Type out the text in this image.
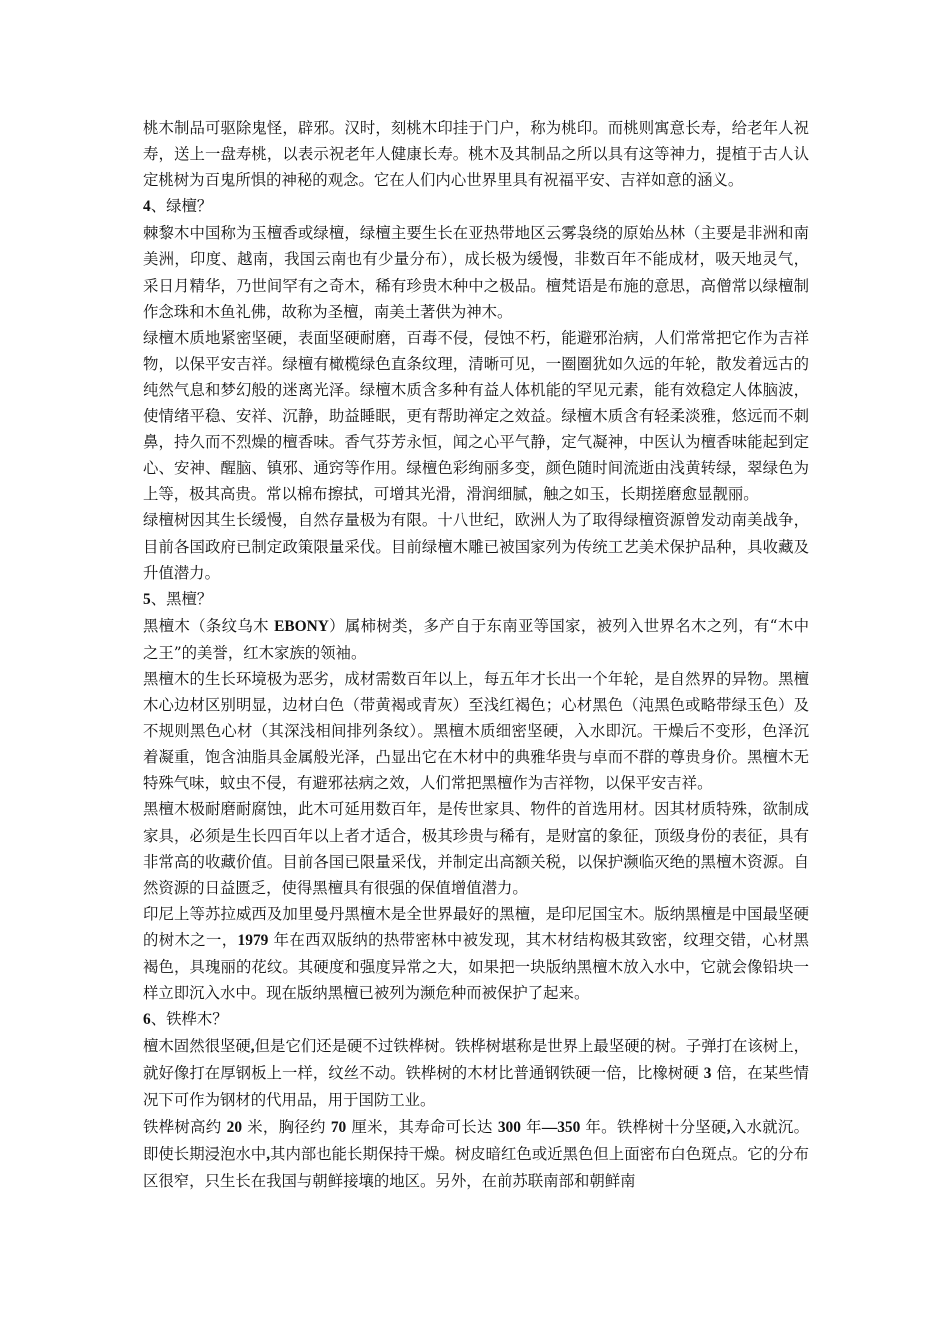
桃木制品可驱除鬼怪，辟邪。汉时，刻桃木印挂于门户，称为桃印。而桃则寓意长寿，给老年人祝寿，送上一盘寿桃，以表示祝老年人健康长寿。桃木及其制品之所以具有这等神力，提植于古人认定桃树为百鬼所惧的神秘的观念。它在人们内心世界里具有祝福平安、吉祥如意的涵义。

4、绿檀？

棘黎木中国称为玉檀香或绿檀，绿檀主要生长在亚热带地区云雾袅绕的原始丛林（主要是非洲和南美洲，印度、越南，我国云南也有少量分布），成长极为缓慢，非数百年不能成材，吸天地灵气，采日月精华，乃世间罕有之奇木，稀有珍贵木种中之极品。檀梵语是布施的意思，高僧常以绿檀制作念珠和木鱼礼佛，故称为圣檀，南美土著供为神木。

绿檀木质地紧密坚硬，表面坚硬耐磨，百毒不侵，侵蚀不朽，能避邪治病，人们常常把它作为吉祥物，以保平安吉祥。绿檀有橄榄绿色直条纹理，清晰可见，一圈圈犹如久远的年轮，散发着远古的纯然气息和梦幻般的迷离光泽。绿檀木质含多种有益人体机能的罕见元素，能有效稳定人体脑波，使情绪平稳、安祥、沉静，助益睡眠，更有帮助禅定之效益。绿檀木质含有轻柔淡雅，悠远而不刺鼻，持久而不烈燥的檀香味。香气芬芳永恒，闻之心平气静，定气凝神，中医认为檀香味能起到定心、安神、醒脑、镇邪、通窍等作用。绿檀色彩绚丽多变，颜色随时间流逝由浅黄转绿，翠绿色为上等，极其高贵。常以棉布擦拭，可增其光滑，滑润细腻，触之如玉，长期搓磨愈显靓丽。

绿檀树因其生长缓慢，自然存量极为有限。十八世纪，欧洲人为了取得绿檀资源曾发动南美战争，目前各国政府已制定政策限量采伐。目前绿檀木雕已被国家列为传统工艺美术保护品种，具收藏及升值潜力。

5、黑檀？

黑檀木（条纹乌木 EBONY）属柿树类，多产自于东南亚等国家，被列入世界名木之列，有“木中之王”的美誉，红木家族的领袖。

黑檀木的生长环境极为恶劣，成材需数百年以上，每五年才长出一个年轮，是自然界的异物。黑檀木心边材区别明显，边材白色（带黄褐或青灰）至浅红褐色；心材黑色（沌黑色或略带绿玉色）及不规则黑色心材（其深浅相间排列条纹）。黑檀木质细密坚硬，入水即沉。干燥后不变形，色泽沉着凝重，饱含油脂具金属般光泽，凸显出它在木材中的典雅华贵与卓而不群的尊贵身价。黑檀木无特殊气味，蚊虫不侵，有避邪祛病之效，人们常把黑檀作为吉祥物，以保平安吉祥。

黑檀木极耐磨耐腐蚀，此木可延用数百年，是传世家具、物件的首选用材。因其材质特殊，欲制成家具，必须是生长四百年以上者才适合，极其珍贵与稀有，是财富的象征，顶级身份的表征，具有非常高的收藏价值。目前各国已限量采伐，并制定出高额关税，以保护濒临灭绝的黑檀木资源。自然资源的日益匮乏，使得黑檀具有很强的保值增值潜力。

印尼上等苏拉威西及加里曼丹黑檀木是全世界最好的黑檀，是印尼国宝木。版纳黑檀是中国最坚硬的树木之一，1979 年在西双版纳的热带密林中被发现，其木材结构极其致密，纹理交错，心材黑褐色，具瑰丽的花纹。其硬度和强度异常之大，如果把一块版纳黑檀木放入水中，它就会像铅块一样立即沉入水中。现在版纳黑檀已被列为濒危种而被保护了起来。

6、铁桦木？

檀木固然很坚硬,但是它们还是硬不过铁桦树。铁桦树堪称是世界上最坚硬的树。子弹打在该树上，就好像打在厚钢板上一样，纹丝不动。铁桦树的木材比普通钢铁硬一倍，比橡树硬 3 倍，在某些情况下可作为钢材的代用品，用于国防工业。

铁桦树高约 20 米，胸径约 70 厘米，其寿命可长达 300 年—350 年。铁桦树十分坚硬,入水就沉。即使长期浸泡水中,其内部也能长期保持干燥。树皮暗红色或近黑色但上面密布白色斑点。它的分布区很窄，只生长在我国与朝鲜接壤的地区。另外，在前苏联南部和朝鲜南
